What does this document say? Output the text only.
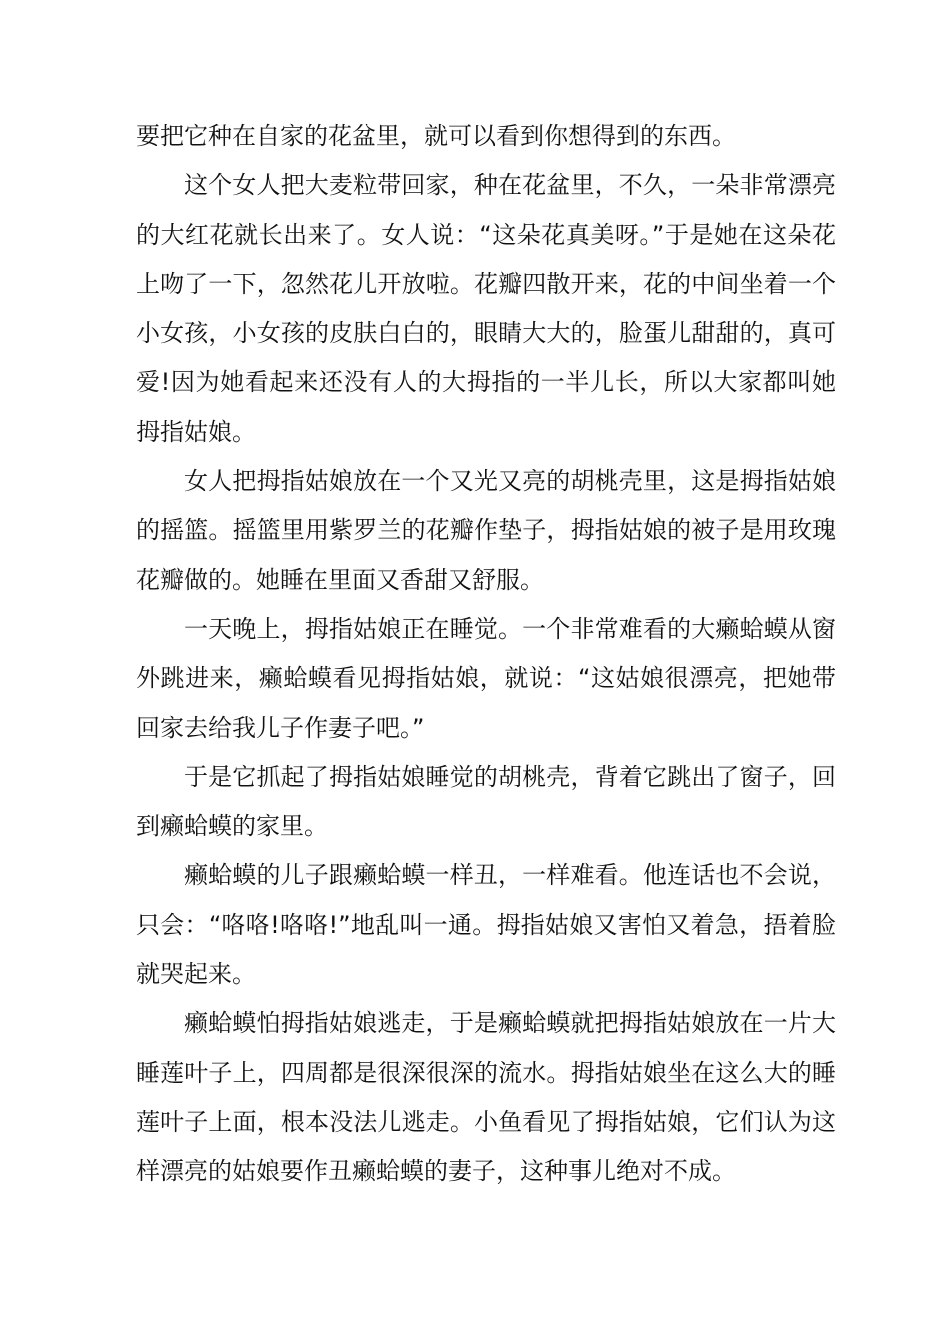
要把它种在自家的花盆里，就可以看到你想得到的东西。

这个女人把大麦粒带回家，种在花盆里，不久，一朵非常漂亮的大红花就长出来了。女人说：“这朵花真美呀。”于是她在这朵花上吻了一下，忽然花儿开放啦。花瓣四散开来，花的中间坐着一个小女孩，小女孩的皮肤白白的，眼睛大大的，脸蛋儿甜甜的，真可爱!因为她看起来还没有人的大拇指的一半儿长，所以大家都叫她拇指姑娘。

女人把拇指姑娘放在一个又光又亮的胡桃壳里，这是拇指姑娘的摇篮。摇篮里用紫罗兰的花瓣作垫子，拇指姑娘的被子是用玫瑰花瓣做的。她睡在里面又香甜又舒服。

一天晚上，拇指姑娘正在睡觉。一个非常难看的大癞蛤蟆从窗外跳进来，癞蛤蟆看见拇指姑娘，就说：“这姑娘很漂亮，把她带回家去给我儿子作妻子吧。”

于是它抓起了拇指姑娘睡觉的胡桃壳，背着它跳出了窗子，回到癞蛤蟆的家里。

癞蛤蟆的儿子跟癞蛤蟆一样丑，一样难看。他连话也不会说，只会：“咯咯!咯咯!”地乱叫一通。拇指姑娘又害怕又着急，捂着脸就哭起来。

癞蛤蟆怕拇指姑娘逃走，于是癞蛤蟆就把拇指姑娘放在一片大睡莲叶子上，四周都是很深很深的流水。拇指姑娘坐在这么大的睡莲叶子上面，根本没法儿逃走。小鱼看见了拇指姑娘，它们认为这样漂亮的姑娘要作丑癞蛤蟆的妻子，这种事儿绝对不成。
